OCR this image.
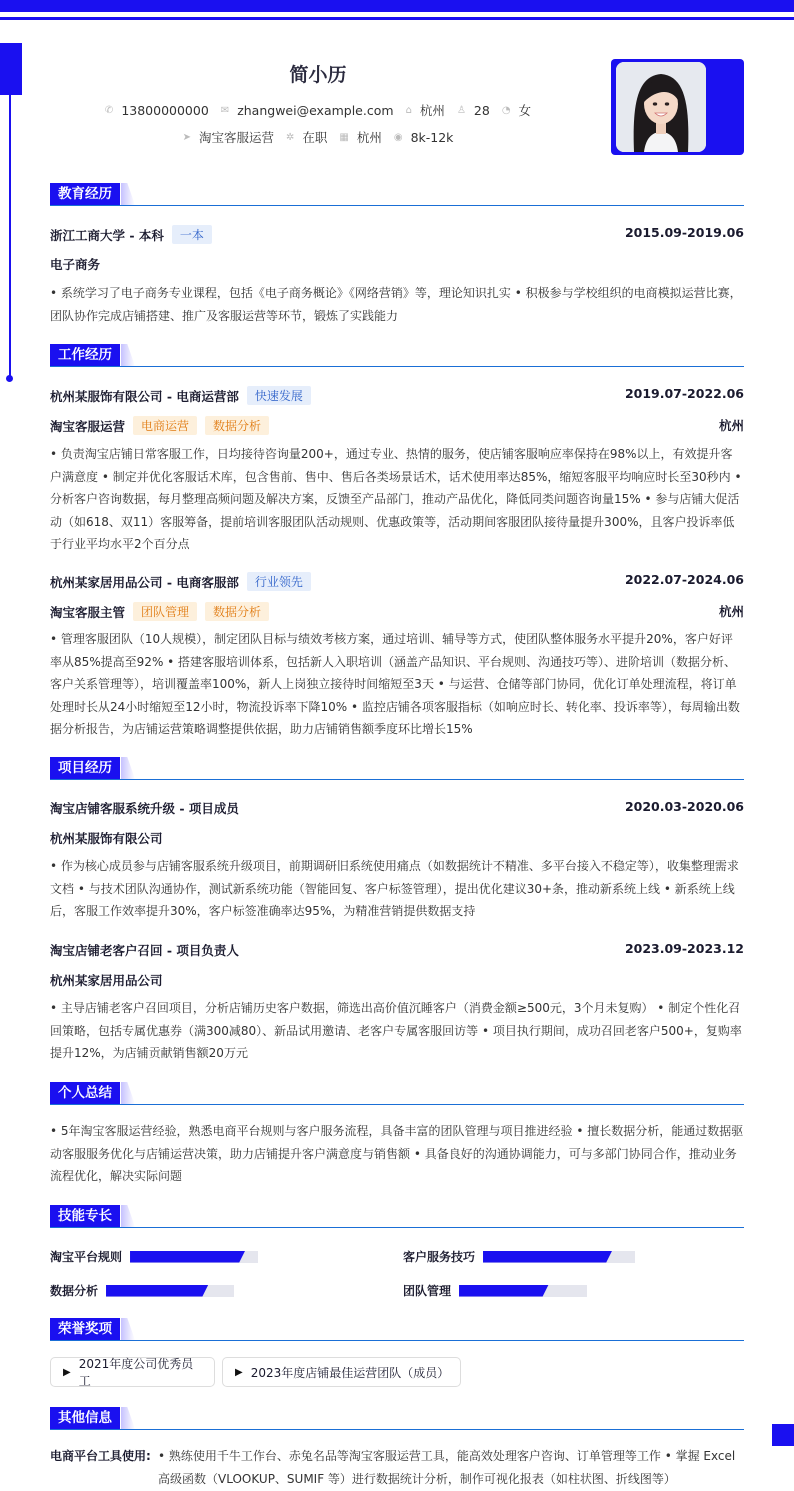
简小历
✆ 13800000000 ✉ zhangwei@example.com ⌂ 杭州 ♙ 28 ◔ 女
➤ 淘宝客服运营 ✲ 在职 ▦ 杭州 ◉ 8k-12k
教育经历
浙江工商大学 - 本科	一本	2015.09-2019.06
电子商务
• 系统学习了电子商务专业课程，包括《电子商务概论》《网络营销》等，理论知识扎实 • 积极参与学校组织的电商模拟运营比赛，团队协作完成店铺搭建、推广及客服运营等环节，锻炼了实践能力
工作经历
杭州某服饰有限公司 - 电商运营部	快速发展	2019.07-2022.06
淘宝客服运营	电商运营	数据分析	杭州
• 负责淘宝店铺日常客服工作，日均接待咨询量200+，通过专业、热情的服务，使店铺客服响应率保持在98%以上，有效提升客户满意度 • 制定并优化客服话术库，包含售前、售中、售后各类场景话术，话术使用率达85%，缩短客服平均响应时长至30秒内 • 分析客户咨询数据，每月整理高频问题及解决方案，反馈至产品部门，推动产品优化，降低同类问题咨询量15% • 参与店铺大促活动（如618、双11）客服筹备，提前培训客服团队活动规则、优惠政策等，活动期间客服团队接待量提升300%，且客户投诉率低于行业平均水平2个百分点
杭州某家居用品公司 - 电商客服部	行业领先	2022.07-2024.06
淘宝客服主管	团队管理	数据分析	杭州
• 管理客服团队（10人规模），制定团队目标与绩效考核方案，通过培训、辅导等方式，使团队整体服务水平提升20%，客户好评率从85%提高至92% • 搭建客服培训体系，包括新人入职培训（涵盖产品知识、平台规则、沟通技巧等）、进阶培训（数据分析、客户关系管理等），培训覆盖率100%，新人上岗独立接待时间缩短至3天 • 与运营、仓储等部门协同，优化订单处理流程，将订单处理时长从24小时缩短至12小时，物流投诉率下降10% • 监控店铺各项客服指标（如响应时长、转化率、投诉率等），每周输出数据分析报告，为店铺运营策略调整提供依据，助力店铺销售额季度环比增长15%
项目经历
淘宝店铺客服系统升级 - 项目成员	2020.03-2020.06
杭州某服饰有限公司
• 作为核心成员参与店铺客服系统升级项目，前期调研旧系统使用痛点（如数据统计不精准、多平台接入不稳定等），收集整理需求文档 • 与技术团队沟通协作，测试新系统功能（智能回复、客户标签管理），提出优化建议30+条，推动新系统上线 • 新系统上线后，客服工作效率提升30%，客户标签准确率达95%，为精准营销提供数据支持
淘宝店铺老客户召回 - 项目负责人	2023.09-2023.12
杭州某家居用品公司
• 主导店铺老客户召回项目，分析店铺历史客户数据，筛选出高价值沉睡客户（消费金额≥500元，3个月未复购） • 制定个性化召回策略，包括专属优惠券（满300减80）、新品试用邀请、老客户专属客服回访等 • 项目执行期间，成功召回老客户500+，复购率提升12%，为店铺贡献销售额20万元
个人总结
• 5年淘宝客服运营经验，熟悉电商平台规则与客户服务流程，具备丰富的团队管理与项目推进经验 • 擅长数据分析，能通过数据驱动客服服务优化与店铺运营决策，助力店铺提升客户满意度与销售额 • 具备良好的沟通协调能力，可与多部门协同合作，推动业务流程优化，解决实际问题
技能专长
淘宝平台规则	客户服务技巧
数据分析	团队管理
荣誉奖项
▶
2021年度公司优秀员工
▶ 2023年度店铺最佳运营团队（成员）
其他信息
电商平台工具使用: • 熟练使用千牛工作台、赤兔名品等淘宝客服运营工具，能高效处理客户咨询、订单管理等工作 • 掌握 Excel 高级函数（VLOOKUP、SUMIF 等）进行数据统计分析，制作可视化报表（如柱状图、折线图等）
